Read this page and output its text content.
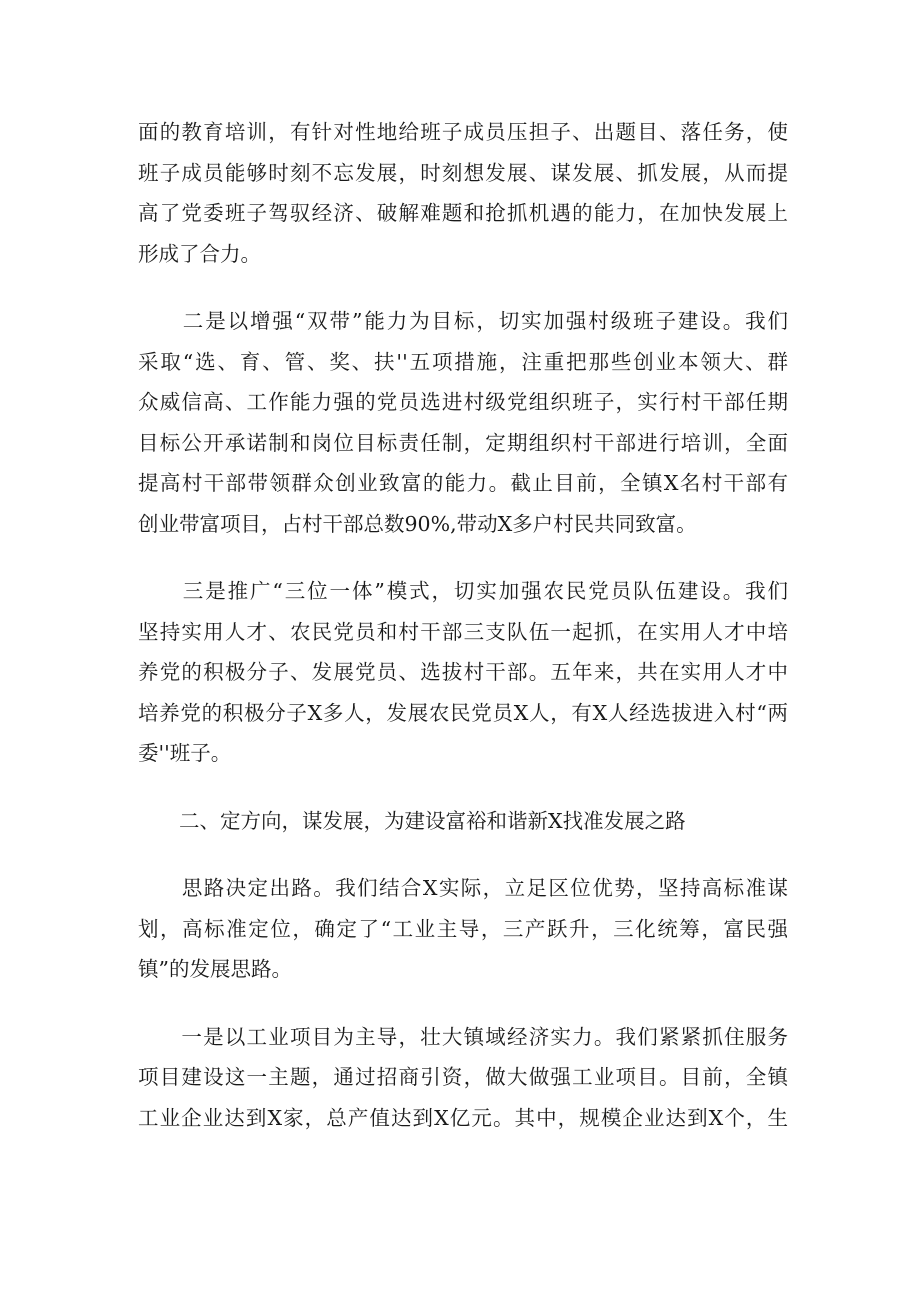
面的教育培训，有针对性地给班子成员压担子、出题目、落任务，使
班子成员能够时刻不忘发展，时刻想发展、谋发展、抓发展，从而提
高了党委班子驾驭经济、破解难题和抢抓机遇的能力，在加快发展上
形成了合力。

　　二是以增强“双带”能力为目标，切实加强村级班子建设。我们
采取“选、育、管、奖、扶''五项措施，注重把那些创业本领大、群
众威信高、工作能力强的党员选进村级党组织班子，实行村干部任期
目标公开承诺制和岗位目标责任制，定期组织村干部进行培训，全面
提高村干部带领群众创业致富的能力。截止目前，全镇X名村干部有
创业带富项目，占村干部总数90%,带动X多户村民共同致富。

　　三是推广“三位一体”模式，切实加强农民党员队伍建设。我们
坚持实用人才、农民党员和村干部三支队伍一起抓，在实用人才中培
养党的积极分子、发展党员、选拔村干部。五年来，共在实用人才中
培养党的积极分子X多人，发展农民党员X人，有X人经选拔进入村“两
委''班子。

　　二、定方向，谋发展，为建设富裕和谐新X找准发展之路

　　思路决定出路。我们结合X实际，立足区位优势，坚持高标准谋
划，高标准定位，确定了“工业主导，三产跃升，三化统筹，富民强
镇”的发展思路。

　　一是以工业项目为主导，壮大镇域经济实力。我们紧紧抓住服务
项目建设这一主题，通过招商引资，做大做强工业项目。目前，全镇
工业企业达到X家，总产值达到X亿元。其中，规模企业达到X个，生
